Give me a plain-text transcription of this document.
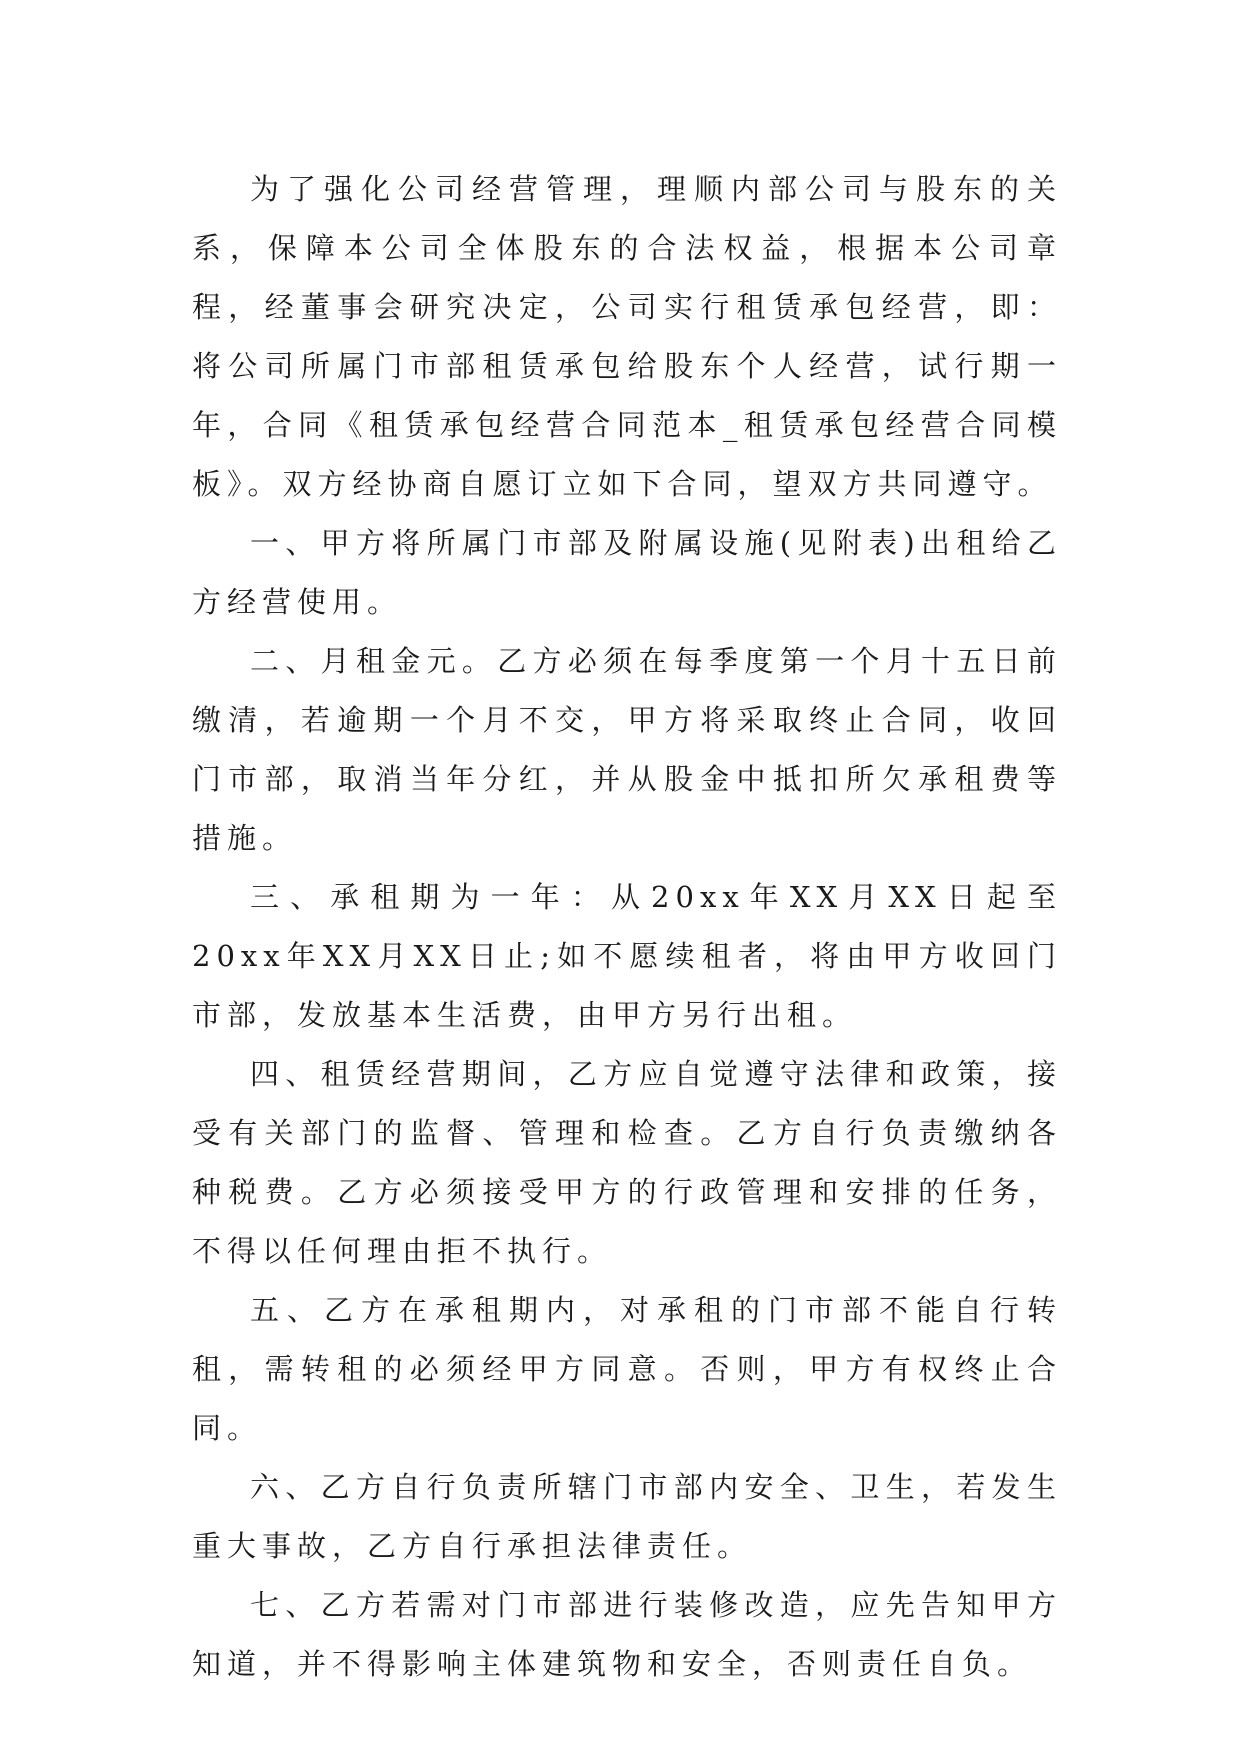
为了强化公司经营管理，理顺内部公司与股东的关系，保障本公司全体股东的合法权益，根据本公司章程，经董事会研究决定，公司实行租赁承包经营，即：将公司所属门市部租赁承包给股东个人经营，试行期一年，合同《租赁承包经营合同范本_租赁承包经营合同模板》。双方经协商自愿订立如下合同，望双方共同遵守。

一、甲方将所属门市部及附属设施(见附表)出租给乙方经营使用。

二、月租金元。乙方必须在每季度第一个月十五日前缴清，若逾期一个月不交，甲方将采取终止合同，收回门市部，取消当年分红，并从股金中抵扣所欠承租费等措施。

三、承租期为一年：从20xx年XX月XX日起至20xx年XX月XX日止;如不愿续租者，将由甲方收回门市部，发放基本生活费，由甲方另行出租。

四、租赁经营期间，乙方应自觉遵守法律和政策，接受有关部门的监督、管理和检查。乙方自行负责缴纳各种税费。乙方必须接受甲方的行政管理和安排的任务，不得以任何理由拒不执行。

五、乙方在承租期内，对承租的门市部不能自行转租，需转租的必须经甲方同意。否则，甲方有权终止合同。

六、乙方自行负责所辖门市部内安全、卫生，若发生重大事故，乙方自行承担法律责任。

七、乙方若需对门市部进行装修改造，应先告知甲方知道，并不得影响主体建筑物和安全，否则责任自负。
